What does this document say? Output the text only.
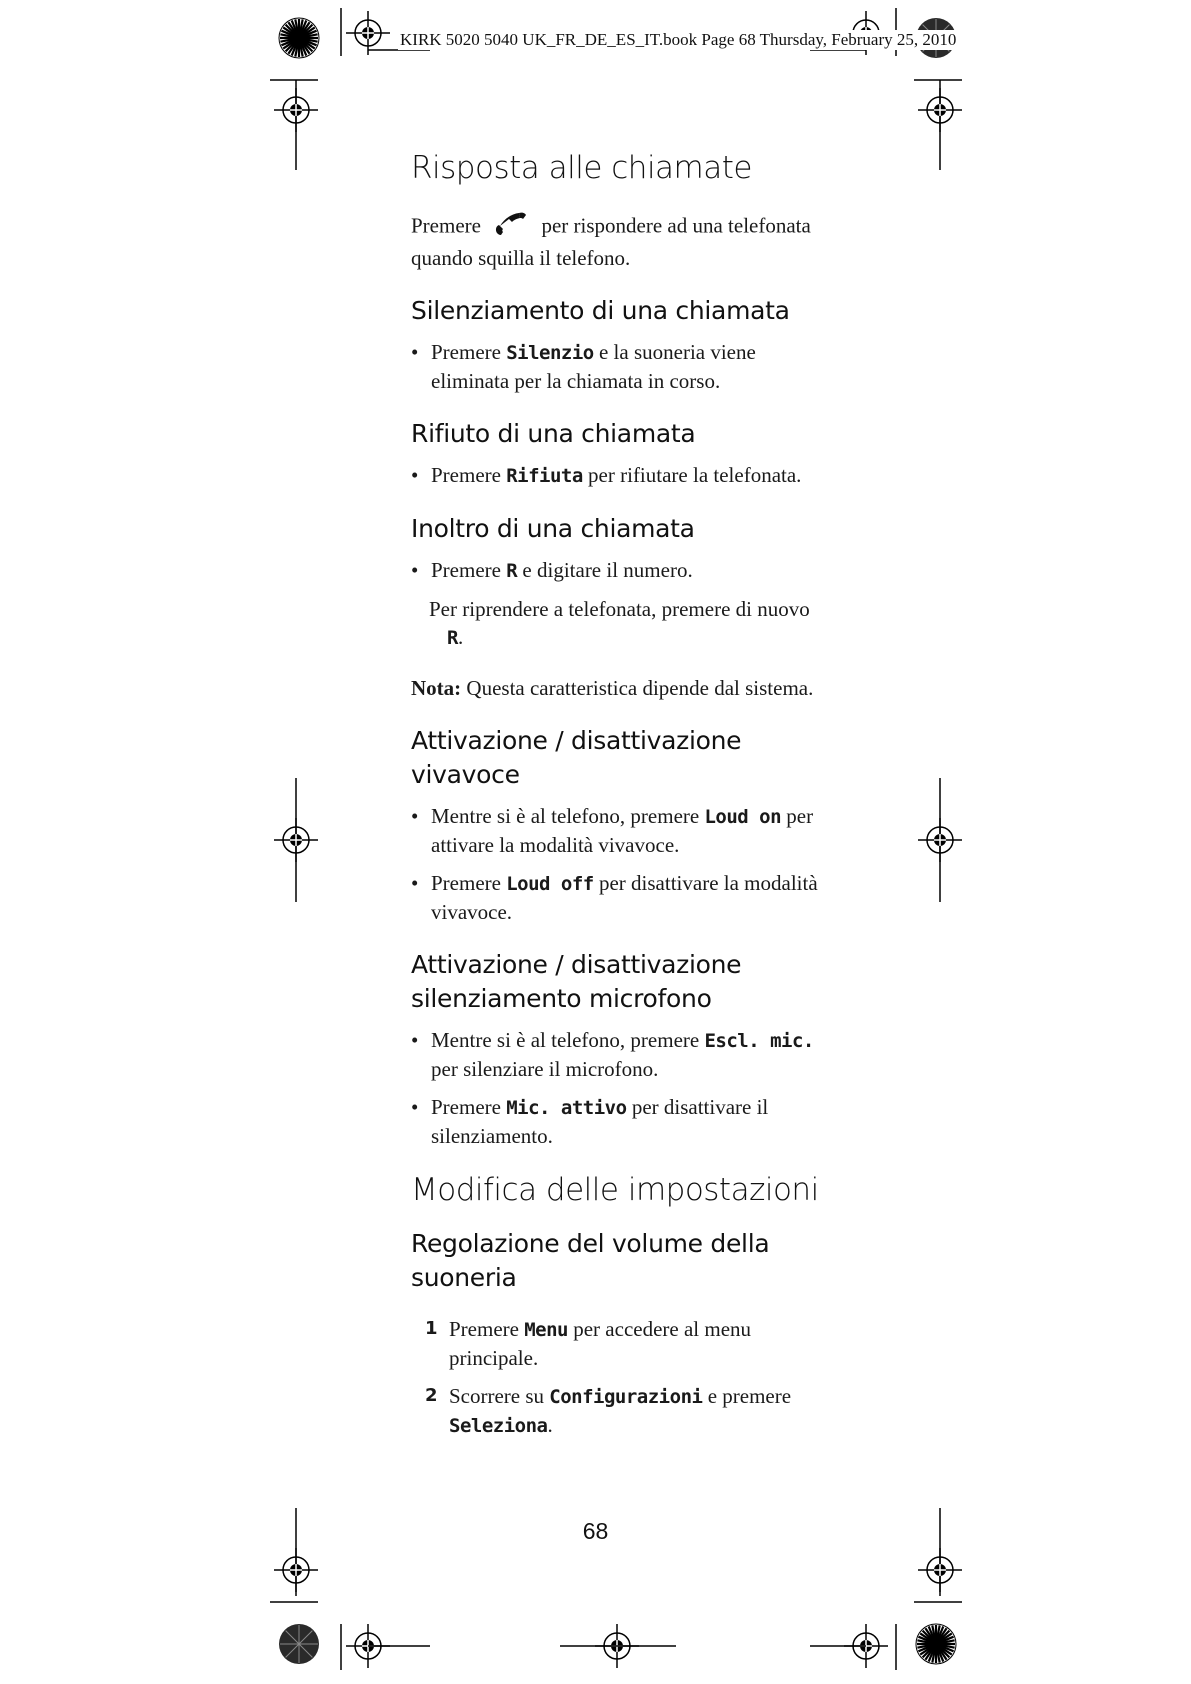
KIRK 5020 5040 UK_FR_DE_ES_IT.book Page 68 Thursday, February 25, 2010
Risposta alle chiamate

Premere	per rispondere ad una telefonata quando squilla il telefono.

Silenziamento di una chiamata
• Premere Silenzio e la suoneria viene eliminata per la chiamata in corso.
Rifiuto di una chiamata
• Premere Rifiuta per rifiutare la telefonata.
Inoltro di una chiamata
• Premere R e digitare il numero.
Per riprendere a telefonata, premere di nuovo R.

Nota: Questa caratteristica dipende dal sistema.

Attivazione / disattivazione vivavoce
• Mentre si è al telefono, premere Loud on per attivare la modalità vivavoce.
• Premere Loud off per disattivare la modalità vivavoce.
Attivazione / disattivazione silenziamento microfono
• Mentre si è al telefono, premere Escl. mic. per silenziare il microfono.
• Premere Mic. attivo per disattivare il silenziamento.
Modifica delle impostazioni
Regolazione del volume della suoneria
1 Premere Menu per accedere al menu principale.
2 Scorrere su Configurazioni e premere Seleziona.
68
